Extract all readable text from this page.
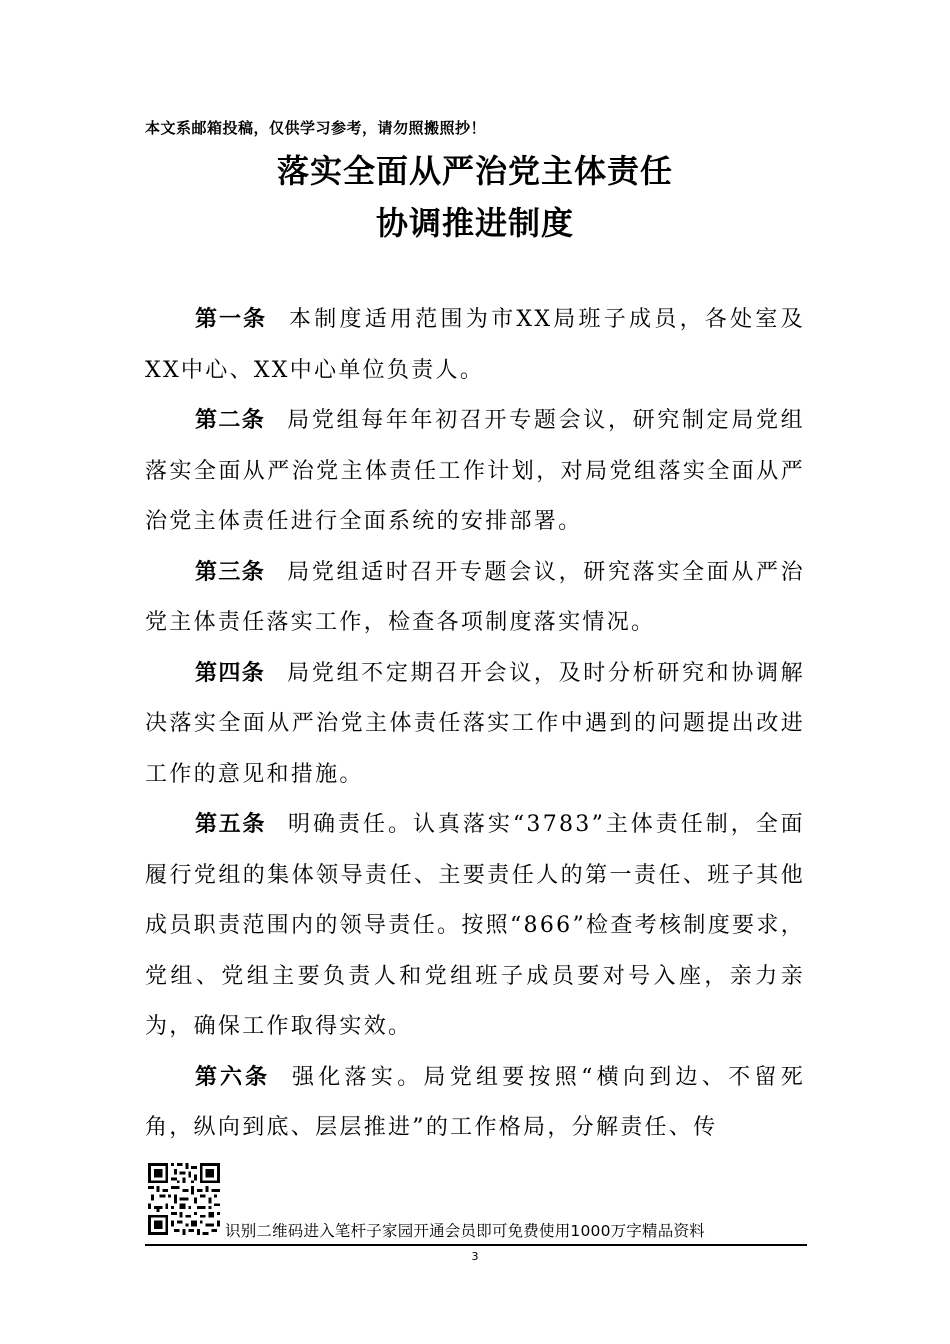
本文系邮箱投稿，仅供学习参考，请勿照搬照抄！
落实全面从严治党主体责任
协调推进制度

第一条 本制度适用范围为市XX局班子成员，各处室及XX中心、XX中心单位负责人。

第二条 局党组每年年初召开专题会议，研究制定局党组落实全面从严治党主体责任工作计划，对局党组落实全面从严治党主体责任进行全面系统的安排部署。

第三条 局党组适时召开专题会议，研究落实全面从严治党主体责任落实工作，检查各项制度落实情况。

第四条 局党组不定期召开会议，及时分析研究和协调解决落实全面从严治党主体责任落实工作中遇到的问题提出改进工作的意见和措施。

第五条 明确责任。认真落实“3783”主体责任制，全面履行党组的集体领导责任、主要责任人的第一责任、班子其他成员职责范围内的领导责任。按照“866”检查考核制度要求，党组、党组主要负责人和党组班子成员要对号入座，亲力亲为，确保工作取得实效。

第六条 强化落实。局党组要按照“横向到边、不留死角，纵向到底、层层推进”的工作格局，分解责任、传

识别二维码进入笔杆子家园开通会员即可免费使用1000万字精品资料
3
